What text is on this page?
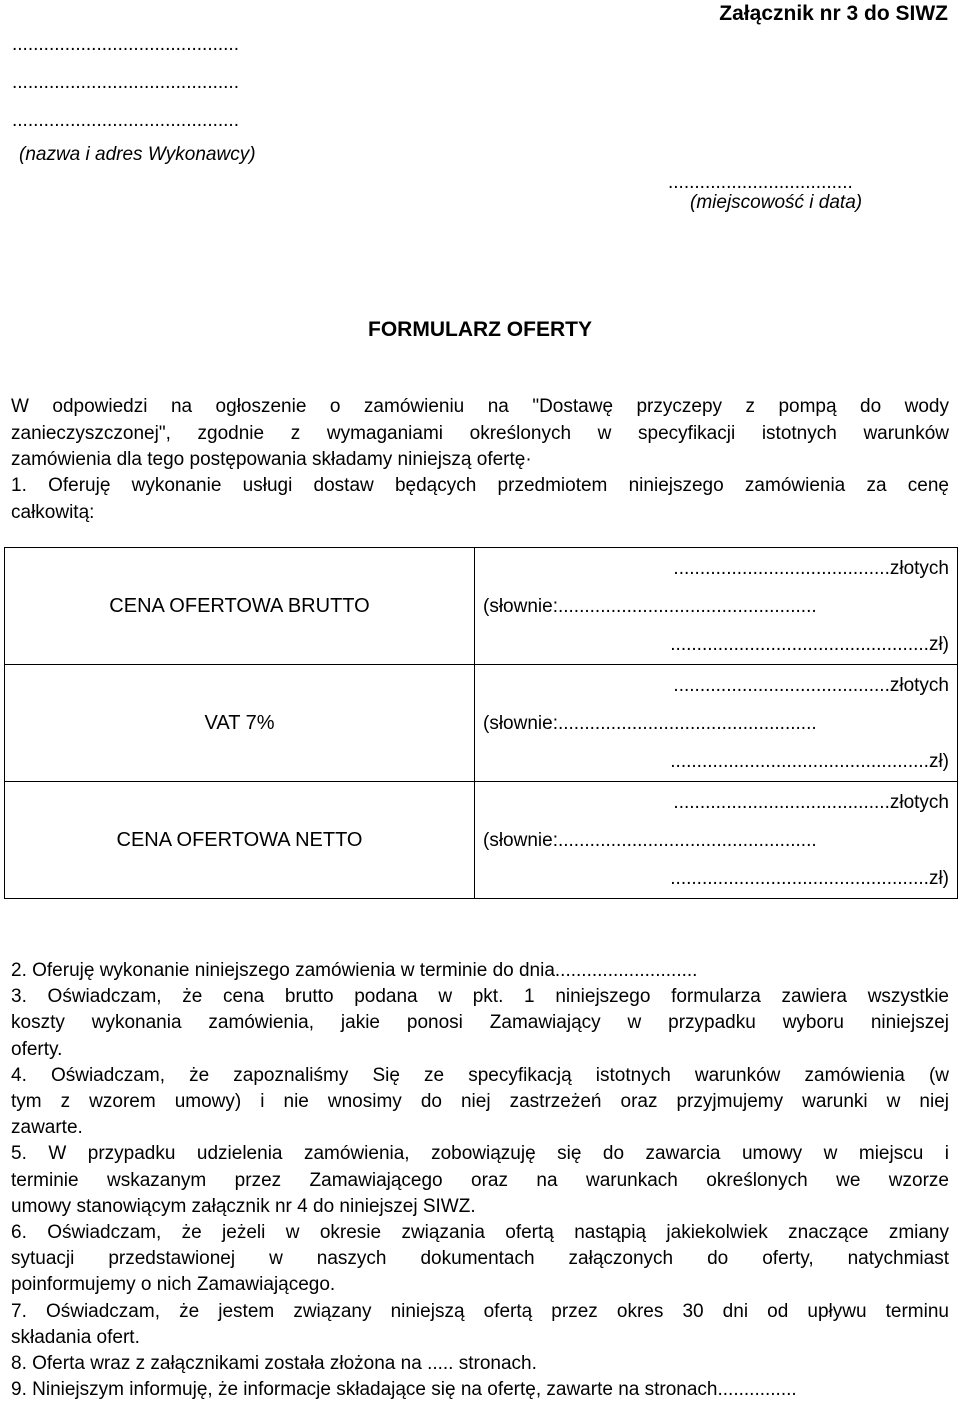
Załącznik nr 3 do SIWZ
...........................................
...........................................
...........................................
(nazwa i adres Wykonawcy)
...................................
(miejscowość i data)
FORMULARZ OFERTY
W odpowiedzi na ogłoszenie o zamówieniu na "Dostawę przyczepy z pompą do wody
zanieczyszczonej", zgodnie z wymaganiami określonych w specyfikacji istotnych warunków
zamówienia dla tego postępowania składamy niniejszą ofertę·
1. Oferuję wykonanie usługi dostaw będących przedmiotem niniejszego zamówienia za cenę
całkowitą:
CENA OFERTOWA BRUTTO	.........................................złotych
(słownie:.................................................
.................................................zł)

VAT 7%	.........................................złotych
(słownie:.................................................
.................................................zł)

CENA OFERTOWA NETTO	.........................................złotych
(słownie:.................................................
.................................................zł)
2. Oferuję wykonanie niniejszego zamówienia w terminie do dnia...........................
3. Oświadczam, że cena brutto podana w pkt. 1 niniejszego formularza zawiera wszystkie
koszty wykonania zamówienia, jakie ponosi Zamawiający w przypadku wyboru niniejszej
oferty.
4. Oświadczam, że zapoznaliśmy Się ze specyfikacją istotnych warunków zamówienia (w
tym z wzorem umowy) i nie wnosimy do niej zastrzeżeń oraz przyjmujemy warunki w niej
zawarte.
5. W przypadku udzielenia zamówienia, zobowiązuję się do zawarcia umowy w miejscu i
terminie wskazanym przez Zamawiającego oraz na warunkach określonych we wzorze
umowy stanowiącym załącznik nr 4 do niniejszej SIWZ.
6. Oświadczam, że jeżeli w okresie związania ofertą nastąpią jakiekolwiek znaczące zmiany
sytuacji przedstawionej w naszych dokumentach załączonych do oferty, natychmiast
poinformujemy o nich Zamawiającego.
7. Oświadczam, że jestem związany niniejszą ofertą przez okres 30 dni od upływu terminu
składania ofert.
8. Oferta wraz z załącznikami została złożona na ..... stronach.
9. Niniejszym informuję, że informacje składające się na ofertę, zawarte na stronach...............
